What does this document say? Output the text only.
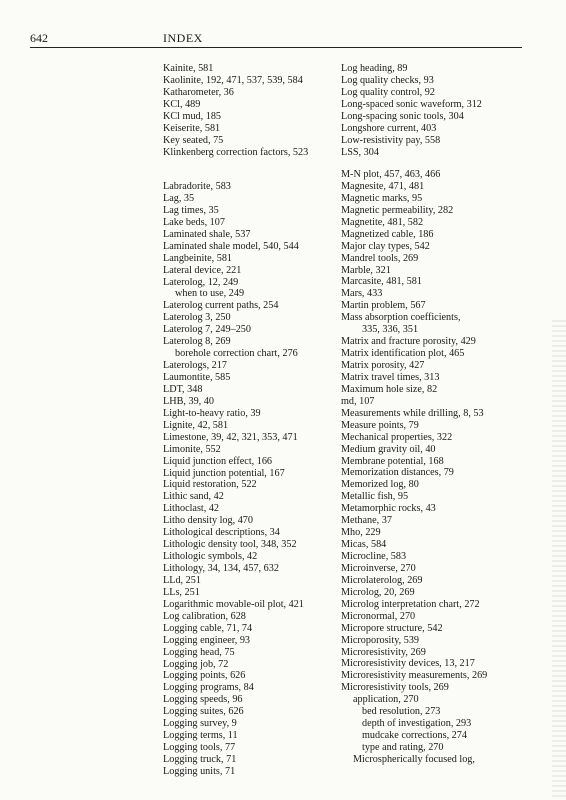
642	INDEX
Kainite, 581
Kaolinite, 192, 471, 537, 539, 584
Katharometer, 36
KCl, 489
KCl mud, 185
Keiserite, 581
Key seated, 75
Klinkenberg correction factors, 523
Labradorite, 583
Lag, 35
Lag times, 35
Lake beds, 107
Laminated shale, 537
Laminated shale model, 540, 544
Langbeinite, 581
Lateral device, 221
Laterolog, 12, 249
when to use, 249
Laterolog current paths, 254
Laterolog 3, 250
Laterolog 7, 249–250
Laterolog 8, 269
borehole correction chart, 276
Laterologs, 217
Laumontite, 585
LDT, 348
LHB, 39, 40
Light-to-heavy ratio, 39
Lignite, 42, 581
Limestone, 39, 42, 321, 353, 471
Limonite, 552
Liquid junction effect, 166
Liquid junction potential, 167
Liquid restoration, 522
Lithic sand, 42
Lithoclast, 42
Litho density log, 470
Lithological descriptions, 34
Lithologic density tool, 348, 352
Lithologic symbols, 42
Lithology, 34, 134, 457, 632
LLd, 251
LLs, 251
Logarithmic movable-oil plot, 421
Log calibration, 628
Logging cable, 71, 74
Logging engineer, 93
Logging head, 75
Logging job, 72
Logging points, 626
Logging programs, 84
Logging speeds, 96
Logging suites, 626
Logging survey, 9
Logging terms, 11
Logging tools, 77
Logging truck, 71
Logging units, 71
Log heading, 89
Log quality checks, 93
Log quality control, 92
Long-spaced sonic waveform, 312
Long-spacing sonic tools, 304
Longshore current, 403
Low-resistivity pay, 558
LSS, 304
M-N plot, 457, 463, 466
Magnesite, 471, 481
Magnetic marks, 95
Magnetic permeability, 282
Magnetite, 481, 582
Magnetized cable, 186
Major clay types, 542
Mandrel tools, 269
Marble, 321
Marcasite, 481, 581
Mars, 433
Martin problem, 567
Mass absorption coefficients,
335, 336, 351
Matrix and fracture porosity, 429
Matrix identification plot, 465
Matrix porosity, 427
Matrix travel times, 313
Maximum hole size, 82
md, 107
Measurements while drilling, 8, 53
Measure points, 79
Mechanical properties, 322
Medium gravity oil, 40
Membrane potential, 168
Memorization distances, 79
Memorized log, 80
Metallic fish, 95
Metamorphic rocks, 43
Methane, 37
Mho, 229
Micas, 584
Microcline, 583
Microinverse, 270
Microlaterolog, 269
Microlog, 20, 269
Microlog interpretation chart, 272
Micronormal, 270
Micropore structure, 542
Microporosity, 539
Microresistivity, 269
Microresistivity devices, 13, 217
Microresistivity measurements, 269
Microresistivity tools, 269
application, 270
bed resolution, 273
depth of investigation, 293
mudcake corrections, 274
type and rating, 270
Microspherically focused log,
